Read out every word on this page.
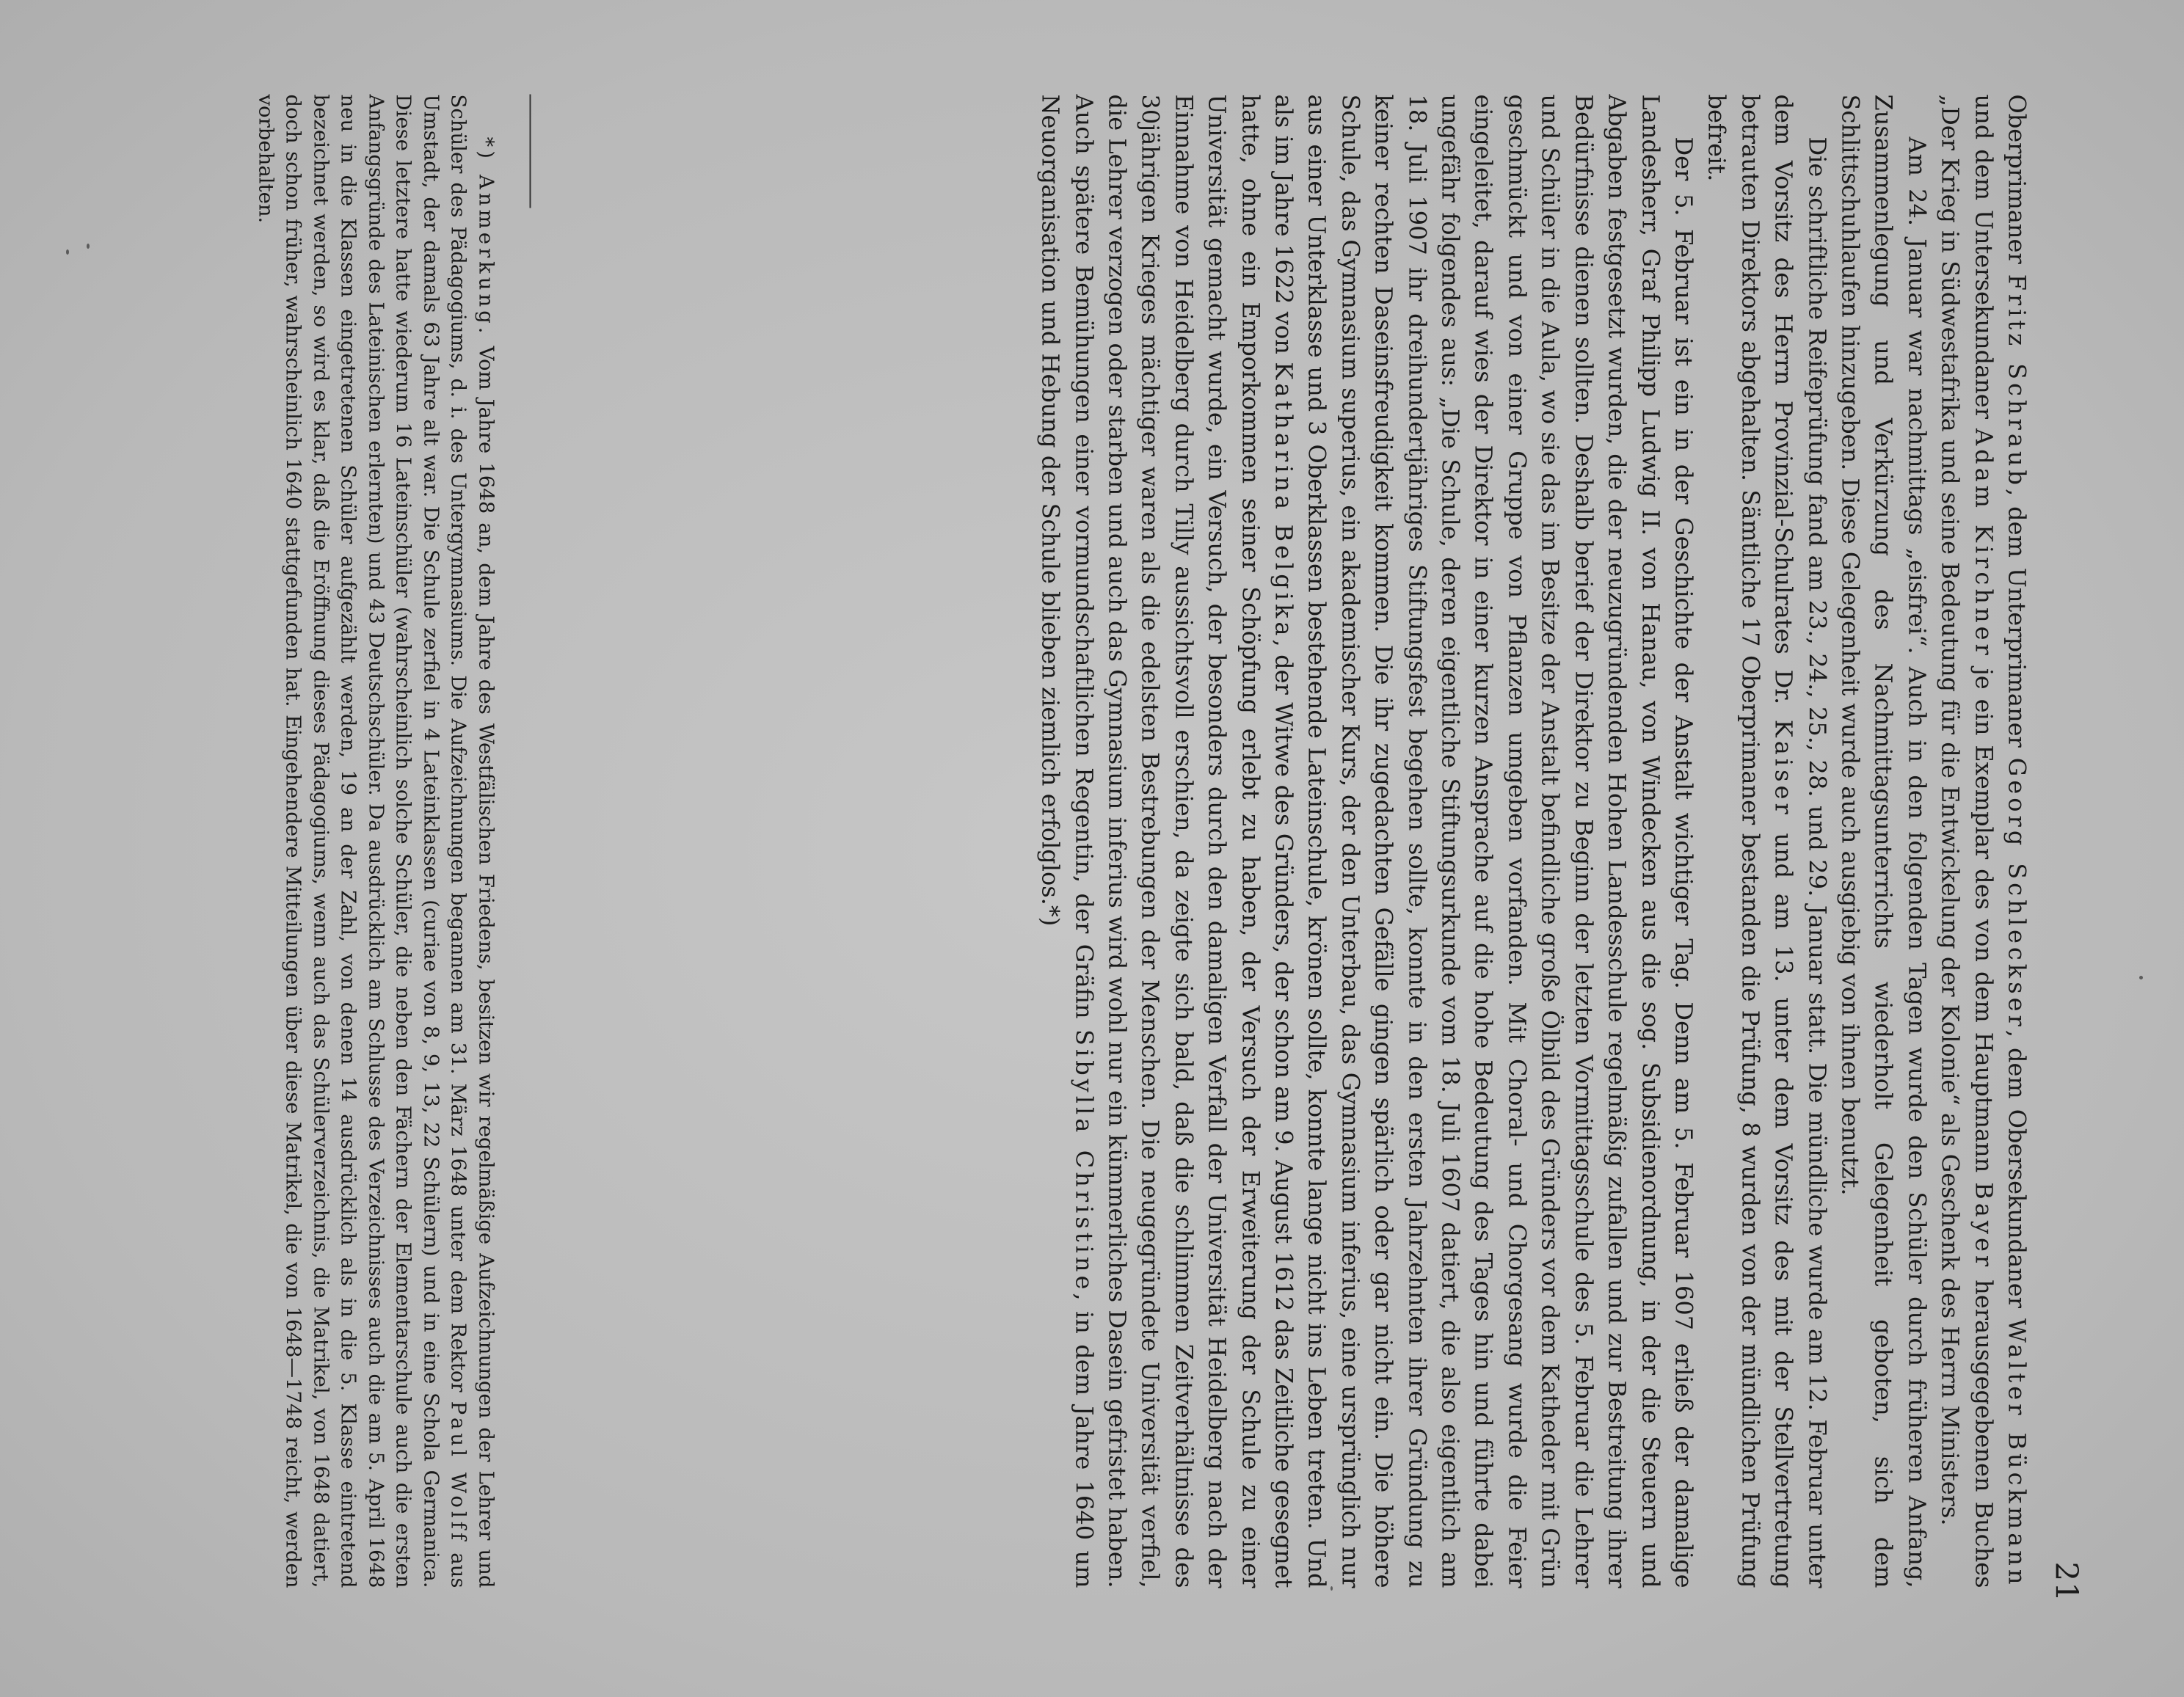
21

Oberprimaner Fritz Schraub, dem Unterprimaner Georg Schleckser, dem Obersekundaner Walter Bückmann und dem Untersekundaner Adam Kirchner je ein Exemplar des von dem Hauptmann Bayer herausgegebenen Buches „Der Krieg in Südwestafrika und seine Bedeutung für die Entwickelung der Kolonie“ als Geschenk des Herrn Ministers.

Am 24. Januar war nachmittags „eisfrei“. Auch in den folgenden Tagen wurde den Schüler durch früheren Anfang, Zusammenlegung und Verkürzung des Nachmittagsunterrichts wiederholt Gelegenheit geboten, sich dem Schlittschuhlaufen hinzugeben. Diese Gelegenheit wurde auch ausgiebig von ihnen benutzt.

Die schriftliche Reifeprüfung fand am 23., 24., 25., 28. und 29. Januar statt. Die mündliche wurde am 12. Februar unter dem Vorsitz des Herrn Provinzial-Schulrates Dr. Kaiser und am 13. unter dem Vorsitz des mit der Stellvertretung betrauten Direktors abgehalten. Sämtliche 17 Oberprimaner bestanden die Prüfung, 8 wurden von der mündlichen Prüfung befreit.

Der 5. Februar ist ein in der Geschichte der Anstalt wichtiger Tag. Denn am 5. Februar 1607 erließ der damalige Landesherr, Graf Philipp Ludwig II. von Hanau, von Windecken aus die sog. Subsidienordnung, in der die Steuern und Abgaben festgesetzt wurden, die der neuzugründenden Hohen Landesschule regelmäßig zufallen und zur Bestreitung ihrer Bedürfnisse dienen sollten. Deshalb berief der Direktor zu Beginn der letzten Vormittagsschule des 5. Februar die Lehrer und Schüler in die Aula, wo sie das im Besitze der Anstalt befindliche große Ölbild des Gründers vor dem Katheder mit Grün geschmückt und von einer Gruppe von Pflanzen umgeben vorfanden. Mit Choral- und Chorgesang wurde die Feier eingeleitet, darauf wies der Direktor in einer kurzen Ansprache auf die hohe Bedeutung des Tages hin und führte dabei ungefähr folgendes aus: „Die Schule, deren eigentliche Stiftungsurkunde vom 18. Juli 1607 datiert, die also eigentlich am 18. Juli 1907 ihr dreihundertjähriges Stiftungsfest begehen sollte, konnte in den ersten Jahrzehnten ihrer Gründung zu keiner rechten Daseinsfreudigkeit kommen. Die ihr zugedachten Gefälle gingen spärlich oder gar nicht ein. Die höhere Schule, das Gymnasium superius, ein akademischer Kurs, der den Unterbau, das Gymnasium inferius, eine ursprünglich nur aus einer Unterklasse und 3 Oberklassen bestehende Lateinschule, krönen sollte, konnte lange nicht ins Leben treten. Und als im Jahre 1622 von Katharina Belgika, der Witwe des Gründers, der schon am 9. August 1612 das Zeitliche gesegnet hatte, ohne ein Emporkommen seiner Schöpfung erlebt zu haben, der Versuch der Erweiterung der Schule zu einer Universität gemacht wurde, ein Versuch, der besonders durch den damaligen Verfall der Universität Heidelberg nach der Einnahme von Heidelberg durch Tilly aussichtsvoll erschien, da zeigte sich bald, daß die schlimmen Zeitverhältnisse des 30jährigen Krieges mächtiger waren als die edelsten Bestrebungen der Menschen. Die neugegründete Universität verfiel, die Lehrer verzogen oder starben und auch das Gymnasium inferius wird wohl nur ein kümmerliches Dasein gefristet haben. Auch spätere Bemühungen einer vormundschaftlichen Regentin, der Gräfin Sibylla Christine, in dem Jahre 1640 um Neuorganisation und Hebung der Schule blieben ziemlich erfolglos.*)

*) Anmerkung. Vom Jahre 1648 an, dem Jahre des Westfälischen Friedens, besitzen wir regelmäßige Aufzeichnungen der Lehrer und Schüler des Pädagogiums, d. i. des Untergymnasiums. Die Aufzeichnungen begannen am 31. März 1648 unter dem Rektor Paul Wolff aus Umstadt, der damals 63 Jahre alt war. Die Schule zerfiel in 4 Lateinklassen (curiae von 8, 9, 13, 22 Schülern) und in eine Schola Germanica. Diese letztere hatte wiederum 16 Lateinschüler (wahrscheinlich solche Schüler, die neben den Fächern der Elementarschule auch die ersten Anfangsgründe des Lateinischen erlernten) und 43 Deutschschüler. Da ausdrücklich am Schlusse des Verzeichnisses auch die am 5. April 1648 neu in die Klassen eingetretenen Schüler aufgezählt werden, 19 an der Zahl, von denen 14 ausdrücklich als in die 5. Klasse eintretend bezeichnet werden, so wird es klar, daß die Eröffnung dieses Pädagogiums, wenn auch das Schülerverzeichnis, die Matrikel, von 1648 datiert, doch schon früher, wahrscheinlich 1640 stattgefunden hat. Eingehendere Mitteilungen über diese Matrikel, die von 1648—1748 reicht, werden vorbehalten.
